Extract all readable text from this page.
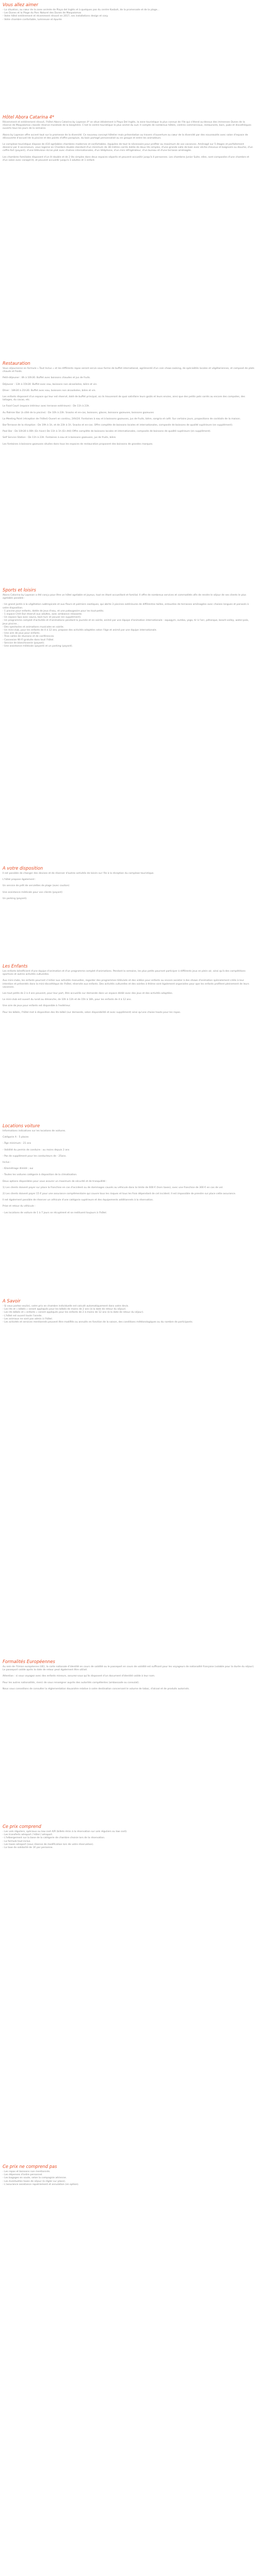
Vous allez aimer
- La situation, au cœur de la zone animée de Playa del Inglés et à quelques pas du centre Kasbah, de la promenade et de la plage...
- Les Dunes et la Plage du Parc Naturel des Dunes de Maspalomas
- Votre hôtel entièrement et récemment rénové en 2017, ses installations design et cosy.
- Votre chambre confortable, lumineuse et épurée
Hôtel Abora Catarina 4*

Récemment et entièrement rénové, l'hôtel Abora Catarina by Lopesan 4* se situe idéalement à Playa Del Inglés, la zone touristique la plus connue de l'île qui s'étend au-dessus des immenses Dunes de la réserve de Maspalomas classée réserve mondiale de la biosphère. C'est le centre touristique le plus animé du sud. Il compte de nombreux hôtels, centres commerciaux, restaurants, bars, pubs et discothèques ouverts tous les jours de la semaine.

Abora by Lopesan offre accent tout sur la promesse de la diversité. Ce nouveau concept hôtelier mais présentation au travers d'ouverture au cœur de la diversité par des nouveautés avec salon d'espace de découverte d'accueil de la piscine et des points d'offre parapluie, du bain partagé personnalisé ou en groupe et entre les animateurs.

Le complexe touristique dispose de 410 agréables chambres modernes et confortables, équipées de tout le nécessaire pour profiter au maximum de vos vacances. Aménagé sur 5 étages et parfaitement desservi par 4 ascenseurs, vous logerez en Chambre double standard d'un minimum de 38 mètres carrés dotée de deux lits simples, d'une grande salle de bain avec sèche-cheveux et baignoire ou douche, d'un coffre-fort (payant), d'une télévision écran plat avec chaînes internationales, d'un téléphone, d'un mini réfrigérateur, d'un bureau et d'une terrasse aménagée.

Les chambres familiales disposent d'un lit double et de 2 lits simples dans deux espaces séparés et peuvent accueillir jusqu'à 4 personnes. Les chambres Junior Suite, elles, sont composées d'une chambre et d'un salon avec canapé-lit, et peuvent accueillir jusqu'à 3 adultes et 1 enfant.

Restauration

Vous séjournerez en formule « Tout Inclus » et les différents repas seront servis sous forme de buffet international, agrémenté d'un coin show-cooking, de spécialités locales et végétariennes, et composé de plats chauds et froids.

Petit-déjeuner : 8h à 10h30. Buffet avec boissons chaudes et jus de fruits.

Déjeuner : 13h à 15h30. Buffet avec eau, boissons non alcoolisées, bière et vin.

Dîner : 18h30 à 21h30. Buffet avec eau, boissons non alcoolisées, bière et vin.

Les enfants disposent d'un espace qui leur est réservé, doté de buffet principal, où ils trouveront de quoi satisfaire leurs goûts et leurs envies, ainsi que des petits pots variés au encore des compotes, des laitages, du cacao, etc.

Le Food Court (espace intérieur avec terrasse extérieure) : De 11h à 23h.

Au Palmier Bar (à côté de la piscine) : De 10h à 23h. Snacks et en-cas, boissons, glaces, boissons gazeuses, boissons gazeuses

La Meeting Point (réception de l'hôtel) Ouvert en continu, 24h/24. Fontaines à eau et à boissons gazeuses, jus de fruits, bière, sangria et café. Sur certains jours, propositions de cocktails de la maison.

Bar-Terrasse de la réception : De 19h à 1h, et de 23h à 1h. Snacks et en-cas. Offre complète de boissons locales et internationales, composée de boissons de qualité supérieure (en supplément).

Pool Bar : De 10h30 à 00h (En hiver) De 11h à 1h (En été) Offre complète de boissons locales et internationales, composée de boissons de qualité supérieure (en supplément).

Self Service Station : De 11h à 23h. Fontaines à eau et à boissons gazeuses, jus de fruits, bière.

Les fontaines à boissons gazeuses situées dans tous les espaces de restauration proposent des boissons de grandes marques.

Sports et loisirs

Abora Catarina by Lopesan a été conçu pour être un hôtel agréable et joyeux, tout en étant accueillant et familial. Il offre de nombreux services et commodités afin de rendre le séjour de ses clients le plus agréable possible :

- Un grand jardin à la végétation subtropicale et aux fleurs et palmiers exotiques, qui abrite 3 piscines extérieures de différentes tailles, entourées de terrasses aménagées avec chaises longues et parasols à votre disposition.
- 1 piscine pour enfants, dotée de jeux d'eau, et une pataugeoire pour les tout-petits.
- 1 espace Chill Out réservé aux adultes, avec ambiance relaxante.
- Un espace Spa avec sauna, bain turc et jacuzzi (en supplément).
- Un programme complet d'activités et d'animations pendant la journée et en soirée, animé par une équipe d'animation internationale : aquagym, zumba, yoga, tir à l'arc, pétanque, beach-volley, water-polo, jeux piscine...
- Des spectacles et animations musicales en soirée.
- Un mini-club, pour les enfants de 4 à 12 ans, propose des activités adaptées selon l'âge et animé par une équipe internationale.
- Une aire de jeux pour enfants.
- Trois salles de réunions et de conférences.
- Connexion Wi-Fi gratuite dans tout l'hôtel.
- Service de blanchisserie (payant).
- Une assistance médicale (payant) et un parking (payant).
A votre disposition

Il est possible de changer des devises et de réserver d'autres activités de loisirs sur l'île à la réception du complexe touristique.

L'hôtel propose également :

Un service de prêt de serviettes de plage (avec caution)

Une assistance médicale pour vos clients (payant)

Un parking (payant).

Les Enfants

Les enfants bénéficient d'une équipe d'animation et d'un programme complet d'animations. Pendant la semaine, les plus petits pourront participer à différents jeux en plein air, ainsi qu'à des compétitions sportives et autres activités culturelles.

Aux mini-clubs, les enfants pourront s'initier aux activités manuelles, regarder des programmes télévisés et des vidéos pour enfants ou encore assister à des shows d'animation spécialement créés à leur intention et présentés dans la mini-discothèque de l'hôtel, réservée aux enfants. Des activités culturelles et des soirées à thème sont également organisées pour que les enfants profitent pleinement de leurs vacances.

Les tout petits de 2 à 4 ans peuvent, pour leur part, être accueillis sur demande dans un espace dédié avec des jeux et des activités adaptées.

Le mini-club est ouvert du lundi au dimanche, de 10h à 13h et de 15h à 18h, pour les enfants de 4 à 12 ans.

Une aire de jeux pour enfants est disponible à l'extérieur.

Pour les bébés, l'hôtel met à disposition des lits bébé (sur demande, selon disponibilité et avec supplément) ainsi qu'une chaise haute pour les repas.

Locations voiture

Informations indicatives sur les locations de voitures.

Catégorie A : 5 places

- Âge minimum : 21 ans

- Validité du permis de conduire : au moins depuis 2 ans

- Pas de supplément pour les conducteurs de - 25ans.

Inclus :

- Kilométrage illimité ; oui

- Toutes les voitures catégorie à disposition de la climatisation.

Deux options disponibles pour vous assurer un maximum de sécurité et de tranquillité :

1) Les clients doivent payer sur place la franchise en cas d'accident ou de dommages causés au véhicule dans la limite de 600 € (hors taxes), avec une franchise de 300 € en cas de vol.

2) Les clients doivent payer 15 € pour une assurance complémentaire qui couvre tous les risques et tous les frais dépendant de cet incident. Il est impossible de prendre sur place cette assurance.

Il est également possible de réserver un véhicule d'une catégorie supérieure et des équipements additionnels à la réservation.

Prise et retour du véhicule :

- Les locations de voiture de 1 à 7 jours se récupèrent et se restituent toujours à l'hôtel.

A Savoir
- Si vous partez seul(e), votre prix en chambre individuelle est calculé automatiquement dans votre devis.
- Les lits et « bébés » seront appliqués pour les bébés de moins de 2 ans (à la date de retour du séjour).
- Les lits bébés et « enfants » seront appliqués pour les enfants de 2 à moins de 12 ans (à la date de retour du séjour).
- L'hôtel est ouvert toute l'année.
- Les animaux ne sont pas admis à l'hôtel.
- Les activités et services mentionnés peuvent être modifiés ou annulés en fonction de la saison, des conditions météorologiques ou du nombre de participants.
Formalités Européennes

Au sein de l'Union européenne (UE), la carte nationale d'identité en cours de validité ou le passeport en cours de validité est suffisant pour les voyageurs de nationalité française (valable pour la durée du séjour). Le passeport valide après la date de retour peut également être utilisé.

Attention : si vous voyagez avec des enfants mineurs, assurez-vous qu'ils disposent d'un document d'identité valide à leur nom.

Pour les autres nationalités, merci de vous renseigner auprès des autorités compétentes (ambassade ou consulat).

Nous vous conseillons de consulter la réglementation douanière relative à votre destination concernant le volume de tabac, d'alcool et de produits autorisés.

Ce prix comprend
- Les vols réguliers, spéciaux ou low cost A/R (billets émis à la réservation sur vols réguliers ou low cost).
- Les transferts aéroport / hôtel / aéroport.
- L'hébergement sur la base de la catégorie de chambre choisie lors de la réservation.
- La formule tout inclus.
- Les taxes aéroport (sous réserve de modification lors de votre réservation).
- La taxe de solidarité de 1€ par personne.
Ce prix ne comprend pas
- Les repas et boissons non mentionnés.
- Les dépenses d'ordre personnel.
- Les bagages en soute, selon la compagnie aérienne.
- Les éventuelles taxes de séjour (à régler sur place).
- L'assurance assistance rapatriement et annulation (en option).
